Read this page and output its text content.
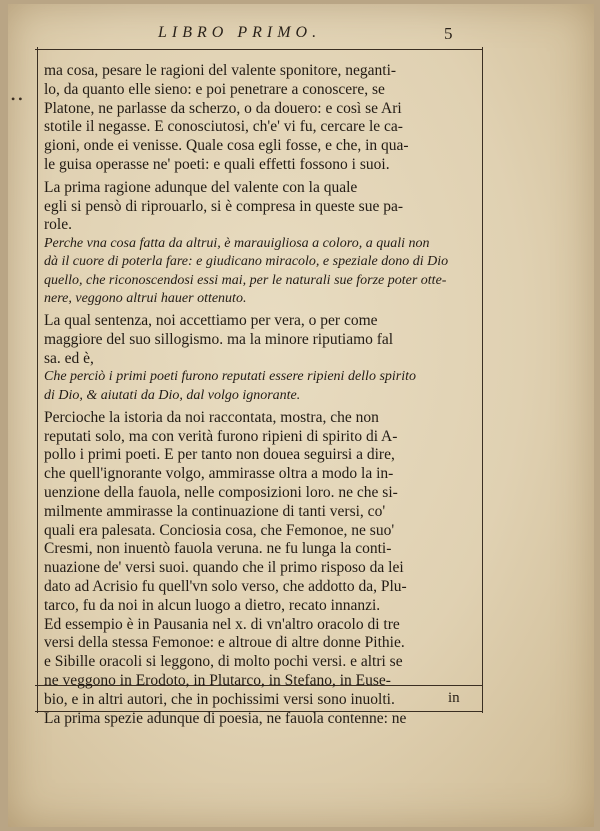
LIBRO PRIMO.	5
• •
ma cosa, pesare le ragioni del valente sponitore, neganti-
lo, da quanto elle sieno: e poi penetrare a conoscere, se
Platone, ne parlasse da scherzo, o da douero: e così se Ari
stotile il negasse. E conosciutosi, ch'e' vi fu, cercare le ca-
gioni, onde ei venisse. Quale cosa egli fosse, e che, in qua-
le guisa operasse ne' poeti: e quali effetti fossono i suoi.
La prima ragione adunque del valente con la quale
egli si pensò di riprouarlo, si è compresa in queste sue pa-
role.
Perche vna cosa fatta da altrui, è marauigliosa a coloro, a quali non
dà il cuore di poterla fare: e giudicano miracolo, e speziale dono di Dio
quello, che riconoscendosi essi mai, per le naturali sue forze poter otte-
nere, veggono altrui hauer ottenuto.
La qual sentenza, noi accettiamo per vera, o per come
maggiore del suo sillogismo. ma la minore riputiamo fal
sa. ed è,
Che perciò i primi poeti furono reputati essere ripieni dello spirito
di Dio, & aiutati da Dio, dal volgo ignorante.
Percioche la istoria da noi raccontata, mostra, che non
reputati solo, ma con verità furono ripieni di spirito di A-
pollo i primi poeti. E per tanto non doueа seguirsi a dire,
che quell'ignorante volgo, ammirasse oltra a modo la in-
uenzione della fauola, nelle composizioni loro. ne che si-
milmente ammirasse la continuazione di tanti versi, co'
quali era palesata. Conciosia cosa, che Femonoe, ne suo'
Cresmi, non inuentò fauola veruna. ne fu lunga la conti-
nuazione de' versi suoi. quando che il primo risposo da lei
dato ad Acrisio fu quell'vn solo verso, che addotto da, Plu-
tarco, fu da noi in alcun luogo a dietro, recato innanzi.
Ed essempio è in Pausania nel x. di vn'altro oracolo di tre
versi della stessa Femonoe: e altroue di altre donne Pithie.
e Sibille oracoli si leggono, di molto pochi versi. e altri se
ne veggono in Erodoto, in Plutarco, in Stefano, in Euse-
bio, e in altri autori, che in pochissimi versi sono inuolti.
La prima spezie adunque di poesia, ne fauola contenne: ne
in
